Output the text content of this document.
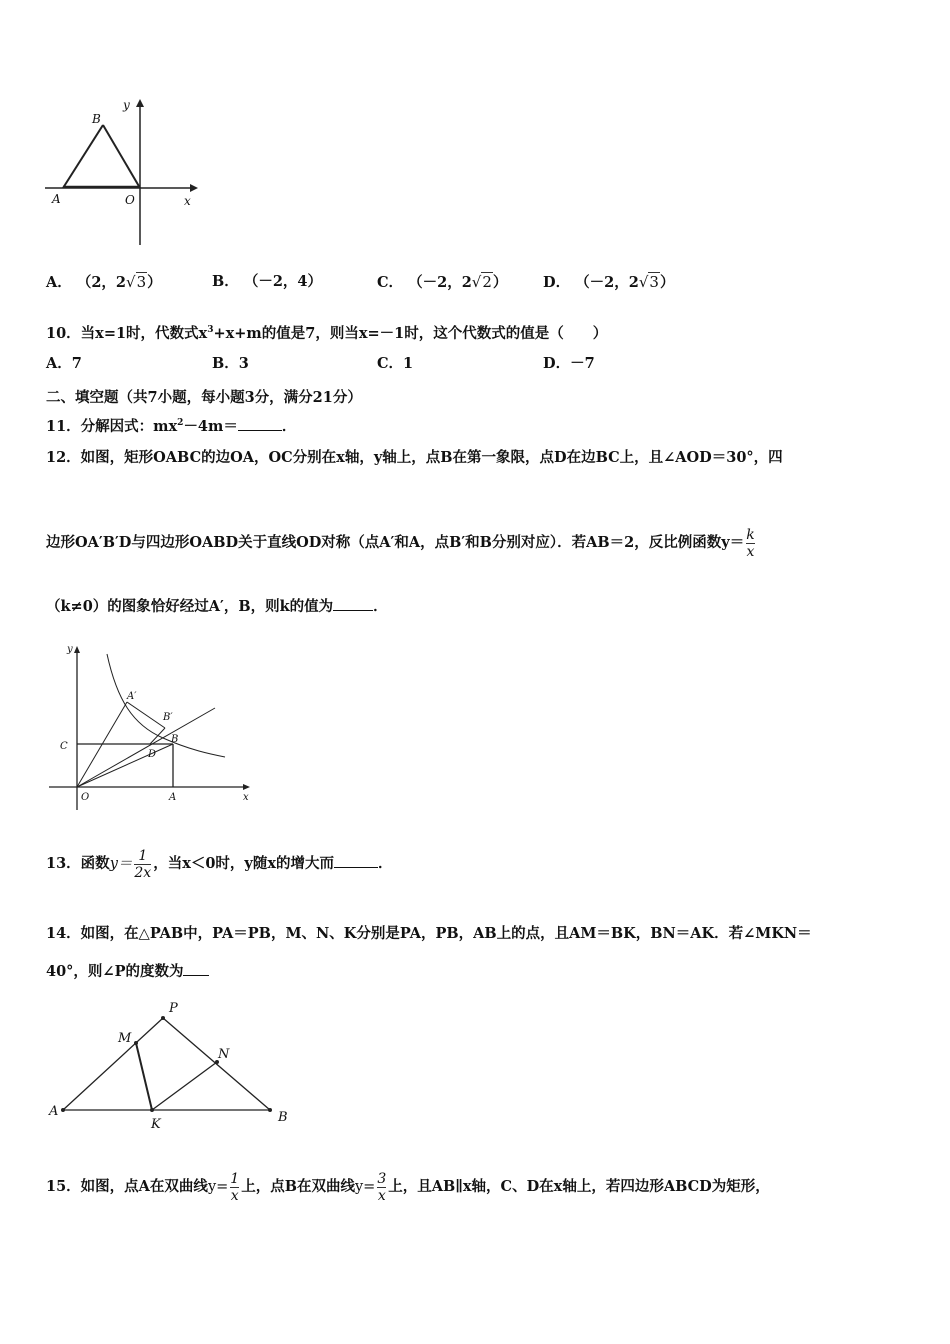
y
x
B
A	O
A． （2，2√3）	B． （－2，4）	C． （－2，2√2） D． （－2，2√3）
10．当x=1时，代数式$x^3+x+m$的值是7，则当x=－1时，这个代数式的值是（　　）
A．7	B．3	C．1	D．－7
二、填空题（共7小题，每小题3分，满分21分）
11．分解因式：$mx^2-4m=$	．
12．如图，矩形OABC的边OA，OC分别在x轴，y轴上，点B在第一象限，点D在边BC上，且∠AOD＝30°，四
边形OA′B′D与四边形OABD关于直线OD对称（点A′和A，点B′和B分别对应）．若AB＝2，反比例函数$y= \frac{k}{x}$
（k≠0）的图象恰好经过A′，B，则k的值为	．
y
x
A′
B′
B
C
D
O	A
13．函数$y= \frac{1}{2x}$ ，当x＜0时，y随x的增大而	．
14．如图，在△PAB中，PA＝PB，M、N、K分别是PA，PB，AB上的点，且AM＝BK，BN＝AK．若∠MKN＝
40°，则∠P的度数为
P
M
N
A
K	B
15．如图，点A在双曲线$y= \frac{1}{x}$ 上，点B在双曲线$y= \frac{3}{x}$ 上，且AB∥x轴，C、D在x轴上，若四边形ABCD为矩形，
